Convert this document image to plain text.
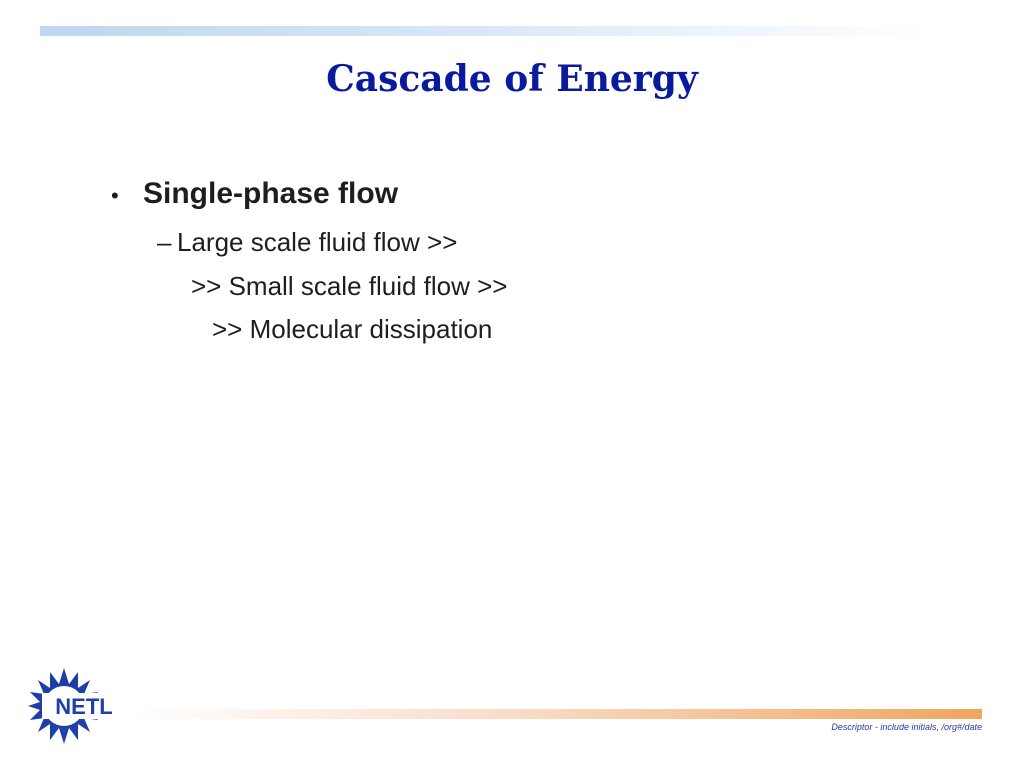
Cascade of Energy
• Single-phase flow
– Large scale fluid flow >>
>> Small scale fluid flow >>
>> Molecular dissipation
NETL
Descriptor - include initials, /org#/date
